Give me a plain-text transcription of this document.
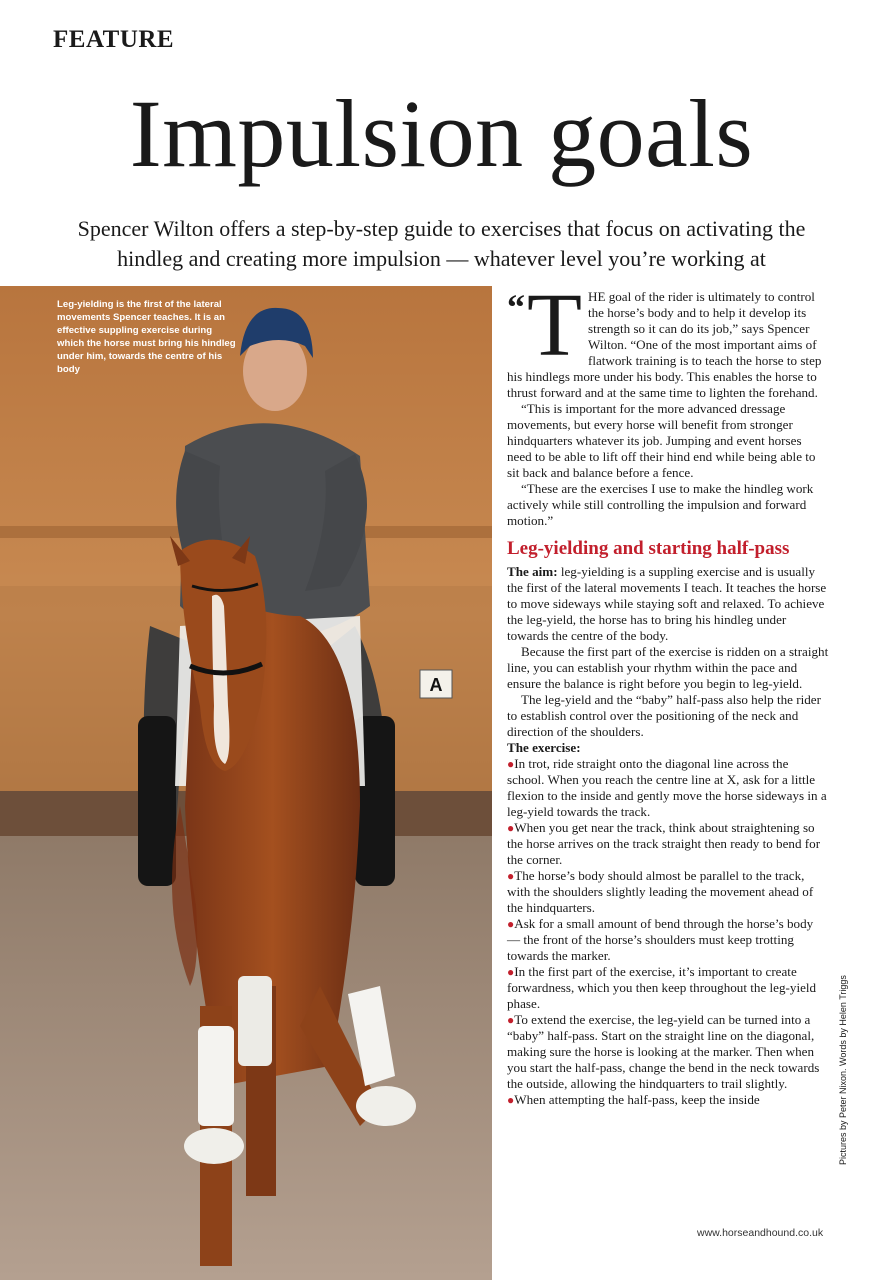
FEATURE
Impulsion goals
Spencer Wilton offers a step-by-step guide to exercises that focus on activating the
hindleg and creating more impulsion — whatever level you’re working at
A
Leg-yielding is the first of the lateral movements Spencer teaches. It is an effective suppling exercise during which the horse must bring his hindleg under him, towards the centre of his body
“ T HE goal of the rider is ultimately to control the horse’s body and to help it develop its strength so it can do its job,” says Spencer Wilton. “One of the most important aims of flatwork training is to teach the horse to step his hindlegs more under his body. This enables the horse to thrust forward and at the same time to lighten the forehand.

“This is important for the more advanced dressage movements, but every horse will benefit from stronger hindquarters whatever its job. Jumping and event horses need to be able to lift off their hind end while being able to sit back and balance before a fence.

“These are the exercises I use to make the hindleg work actively while still controlling the impulsion and forward motion.”

Leg-yielding and starting half-pass

The aim: leg-yielding is a suppling exercise and is usually the first of the lateral movements I teach. It teaches the horse to move sideways while staying soft and relaxed. To achieve the leg-yield, the horse has to bring his hindleg under towards the centre of the body.

Because the first part of the exercise is ridden on a straight line, you can establish your rhythm within the pace and ensure the balance is right before you begin to leg-yield.

The leg-yield and the “baby” half-pass also help the rider to establish control over the positioning of the neck and direction of the shoulders.

The exercise:

●In trot, ride straight onto the diagonal line across the school. When you reach the centre line at X, ask for a little flexion to the inside and gently move the horse sideways in a leg-yield towards the track.

●When you get near the track, think about straightening so the horse arrives on the track straight then ready to bend for the corner.

●The horse’s body should almost be parallel to the track, with the shoulders slightly leading the movement ahead of the hindquarters.

●Ask for a small amount of bend through the horse’s body — the front of the horse’s shoulders must keep trotting towards the marker.

●In the first part of the exercise, it’s important to create forwardness, which you then keep throughout the leg-yield phase.

●To extend the exercise, the leg-yield can be turned into a “baby” half-pass. Start on the straight line on the diagonal, making sure the horse is looking at the marker. Then when you start the half-pass, change the bend in the neck towards the outside, allowing the hindquarters to trail slightly.

●When attempting the half-pass, keep the inside	Pictures by Peter Nixon. Words by Helen Triggs
www.horseandhound.co.uk
